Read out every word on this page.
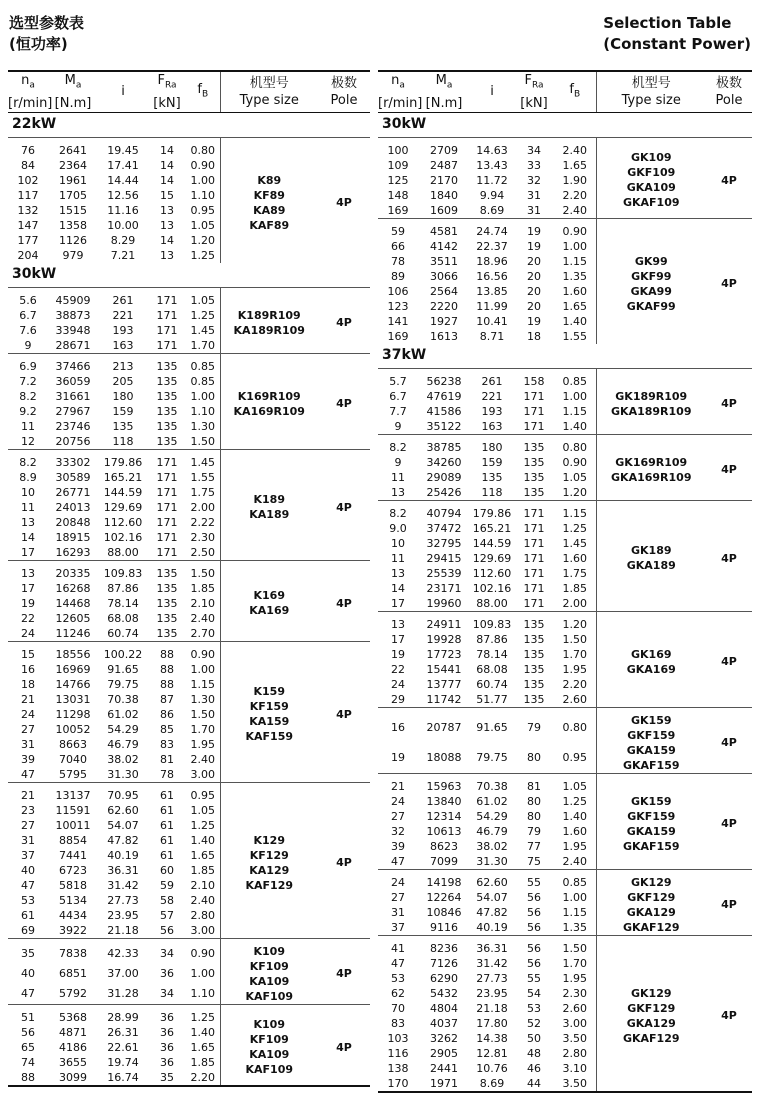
选型参数表
(恒功率)
Selection Table
(Constant Power)
$n_a$
[r/min]	$M_a$
[N.m]	i	$F_{Ra}$
[kN]	$f_B$	机型号
Type size	极数
Pole
22kW						

76	2641	19.45	14	0.80	K89
KF89
KA89
KAF89	4P
84	2364	17.41	14	0.90		
102	1961	14.44	14	1.00		
117	1705	12.56	15	1.10		
132	1515	11.16	13	0.95		
147	1358	10.00	13	1.05		
177	1126	8.29	14	1.20		
204	979	7.21	13	1.25		
30kW						

5.6	45909	261	171	1.05	K189R109
KA189R109	4P
6.7	38873	221	171	1.25		
7.6	33948	193	171	1.45		
9	28671	163	171	1.70		

6.9	37466	213	135	0.85	K169R109
KA169R109	4P
7.2	36059	205	135	0.85		
8.2	31661	180	135	1.00		
9.2	27967	159	135	1.10		
11	23746	135	135	1.30		
12	20756	118	135	1.50		

8.2	33302	179.86	171	1.45	K189
KA189	4P
8.9	30589	165.21	171	1.55		
10	26771	144.59	171	1.75		
11	24013	129.69	171	2.00		
13	20848	112.60	171	2.22		
14	18915	102.16	171	2.30		
17	16293	88.00	171	2.50		

13	20335	109.83	135	1.50	K169
KA169	4P
17	16268	87.86	135	1.85		
19	14468	78.14	135	2.10		
22	12605	68.08	135	2.40		
24	11246	60.74	135	2.70		

15	18556	100.22	88	0.90	K159
KF159
KA159
KAF159	4P
16	16969	91.65	88	1.00		
18	14766	79.75	88	1.15		
21	13031	70.38	87	1.30		
24	11298	61.02	86	1.50		
27	10052	54.29	85	1.70		
31	8663	46.79	83	1.95		
39	7040	38.02	81	2.40		
47	5795	31.30	78	3.00		

21	13137	70.95	61	0.95	K129
KF129
KA129
KAF129	4P
23	11591	62.60	61	1.05		
27	10011	54.07	61	1.25		
31	8854	47.82	61	1.40		
37	7441	40.19	61	1.65		
40	6723	36.31	60	1.85		
47	5818	31.42	59	2.10		
53	5134	27.73	58	2.40		
61	4434	23.95	57	2.80		
69	3922	21.18	56	3.00		

35	7838	42.33	34	0.90	K109
KF109
KA109
KAF109	4P
40	6851	37.00	36	1.00		
47	5792	31.28	34	1.10		

51	5368	28.99	36	1.25	K109
KF109
KA109
KAF109	4P
56	4871	26.31	36	1.40		
65	4186	22.61	36	1.65		
74	3655	19.74	36	1.85		
88	3099	16.74	35	2.20		
$n_a$
[r/min]	$M_a$
[N.m]	i	$F_{Ra}$
[kN]	$f_B$	机型号
Type size	极数
Pole
30kW						

100	2709	14.63	34	2.40	GK109
GKF109
GKA109
GKAF109	4P
109	2487	13.43	33	1.65		
125	2170	11.72	32	1.90		
148	1840	9.94	31	2.20		
169	1609	8.69	31	2.40		

59	4581	24.74	19	0.90	GK99
GKF99
GKA99
GKAF99	4P
66	4142	22.37	19	1.00		
78	3511	18.96	20	1.15		
89	3066	16.56	20	1.35		
106	2564	13.85	20	1.60		
123	2220	11.99	20	1.65		
141	1927	10.41	19	1.40		
169	1613	8.71	18	1.55		
37kW						

5.7	56238	261	158	0.85	GK189R109
GKA189R109	4P
6.7	47619	221	171	1.00		
7.7	41586	193	171	1.15		
9	35122	163	171	1.40		

8.2	38785	180	135	0.80	GK169R109
GKA169R109	4P
9	34260	159	135	0.90		
11	29089	135	135	1.05		
13	25426	118	135	1.20		

8.2	40794	179.86	171	1.15	GK189
GKA189	4P
9.0	37472	165.21	171	1.25		
10	32795	144.59	171	1.45		
11	29415	129.69	171	1.60		
13	25539	112.60	171	1.75		
14	23171	102.16	171	1.85		
17	19960	88.00	171	2.00		

13	24911	109.83	135	1.20	GK169
GKA169	4P
17	19928	87.86	135	1.50		
19	17723	78.14	135	1.70		
22	15441	68.08	135	1.95		
24	13777	60.74	135	2.20		
29	11742	51.77	135	2.60		

16	20787	91.65	79	0.80	GK159
GKF159
GKA159
GKAF159	4P
19	18088	79.75	80	0.95		

21	15963	70.38	81	1.05	GK159
GKF159
GKA159
GKAF159	4P
24	13840	61.02	80	1.25		
27	12314	54.29	80	1.40		
32	10613	46.79	79	1.60		
39	8623	38.02	77	1.95		
47	7099	31.30	75	2.40		

24	14198	62.60	55	0.85	GK129
GKF129
GKA129
GKAF129	4P
27	12264	54.07	56	1.00		
31	10846	47.82	56	1.15		
37	9116	40.19	56	1.35		

41	8236	36.31	56	1.50	GK129
GKF129
GKA129
GKAF129	4P
47	7126	31.42	56	1.70		
53	6290	27.73	55	1.95		
62	5432	23.95	54	2.30		
70	4804	21.18	53	2.60		
83	4037	17.80	52	3.00		
103	3262	14.38	50	3.50		
116	2905	12.81	48	2.80		
138	2441	10.76	46	3.10		
170	1971	8.69	44	3.50		
